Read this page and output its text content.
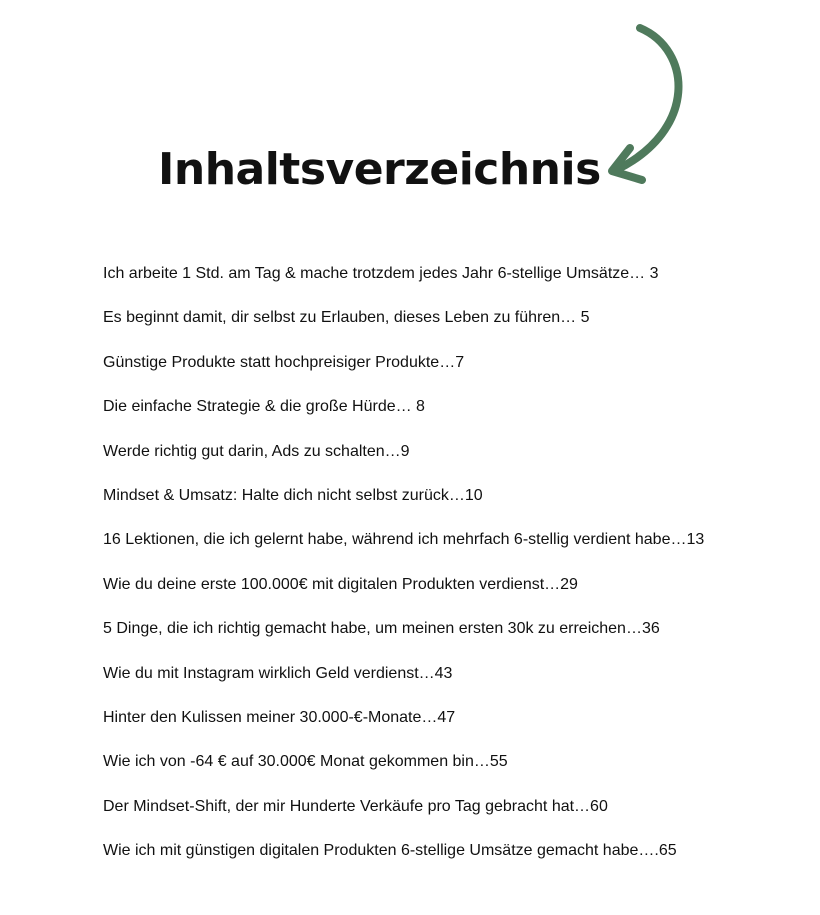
Inhaltsverzeichnis
Ich arbeite 1 Std. am Tag & mache trotzdem jedes Jahr 6-stellige Umsätze… 3
Es beginnt damit, dir selbst zu Erlauben, dieses Leben zu führen… 5
Günstige Produkte statt hochpreisiger Produkte…7
Die einfache Strategie & die große Hürde… 8
Werde richtig gut darin, Ads zu schalten…9
Mindset & Umsatz: Halte dich nicht selbst zurück…10
16 Lektionen, die ich gelernt habe, während ich mehrfach 6-stellig verdient habe…13
Wie du deine erste 100.000€ mit digitalen Produkten verdienst…29
5 Dinge, die ich richtig gemacht habe, um meinen ersten 30k zu erreichen…36
Wie du mit Instagram wirklich Geld verdienst…43
Hinter den Kulissen meiner 30.000-€-Monate…47
Wie ich von -64 € auf 30.000€ Monat gekommen bin…55
Der Mindset-Shift, der mir Hunderte Verkäufe pro Tag gebracht hat…60
Wie ich mit günstigen digitalen Produkten 6-stellige Umsätze gemacht habe….65
